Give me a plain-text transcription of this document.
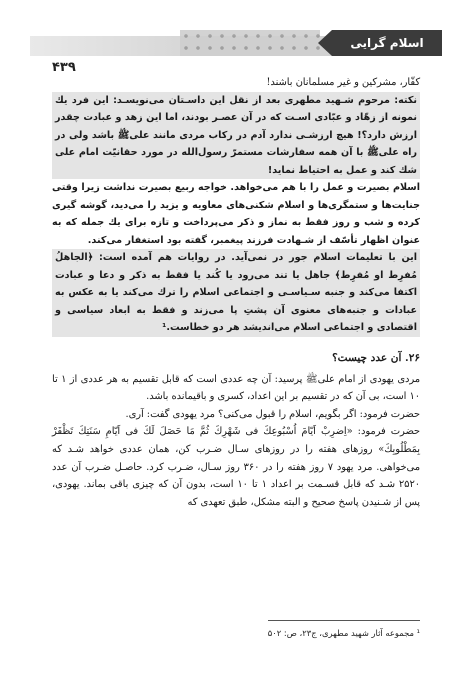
اسلام گرایی
۴۳۹

کفّار، مشرکین و غیر مسلمانان باشند!

نکته: مرحوم شـهید مطهری بعد از نقل این داسـتان می‌نویسـد: این فرد یك نمونه از زهّاد و عبّادی اسـت كه در آن عصـر بودند، اما این زهد و عبادت چقدر ارزش دارد؟! هیچ ارزشـی ندارد آدم در رکاب مردی مانند علی‌ﷺ باشد ولی در راه علی‌ﷺ با آن همه سفارشات مستمرّ رسول‌الله در مورد حقانیّت امام علی شك كند و عمل به احتیاط نماید!

اسلام بصیرت و عمل را با هم می‌خواهد. خواجه ربیع بصیرت نداشت زیرا وقتی جنایت‌ها و ستمگری‌ها و اسلام شکنی‌های معاویه و یزید را می‌دید، گوشه گیری کرده و شب و روز فقط به نماز و ذکر می‌پرداخت و تازه برای یك جمله كه به عنوان اظهار تأسّف از شـهادت فرزند پیغمبر، گفته بود استغفار می‌کند.

این با تعلیمات اسلام جور در نمی‌آید. در روایات هم آمده است: ﴿الجاهلُ مُفرِط او مُفرِط﴾ جاهل یا تند می‌رود یا کُند یا فقط به ذکر و دعا و عبادت اکتفا می‌کند و جنبه سـیاسـی و اجتماعی اسلام را ترك می‌کند یا به عکس به عبادات و جنبه‌های معنوی آن پشتِ پا می‌زند و فقط به ابعاد سیاسی و اقتصادی و اجتماعی اسلام می‌اندیشد هر دو خطاست.¹

۲۶. آن عدد چیست؟

مردی یهودی از امام علی‌ﷺ پرسید: آن چه عددی است که قابل تقسیم به هر عددی از ۱ تا ۱۰ است، بی آن که در تقسیم بر این اعداد، کسری و باقیمانده باشد.

حضرت فرمود: اگر بگویم، اسلام را قبول می‌کنی؟ مرد یهودی گفت: آری.

حضرت فرمود: «اِضرِبْ اَیّامَ اُسْبُوعِكَ فی شَهْرِكَ ثُمَّ مَا حَصَلَ لَكَ فی اَیّامِ سَنَتِكَ تَظْفَرْ بِمَطْلُوبِكَ» روزهای هفته را در روزهای سـال ضـرب کن، همان عددی خواهد شـد که می‌خواهی. مرد یهود ۷ روز هفته را در ۳۶۰ روز سـال، ضـرب کرد. حاصـل ضـرب آن عدد ۲۵۲۰ شـد که قابل قسـمت بر اعداد ۱ تا ۱۰ است، بدون آن که چیزی باقی بماند. یهودی، پس از شـنیدن پاسخ صحیح و البته مشکل، طبق تعهدی که

¹ مجموعه آثار شهید مطهری، ج۲۳، ص: ۵۰۲
